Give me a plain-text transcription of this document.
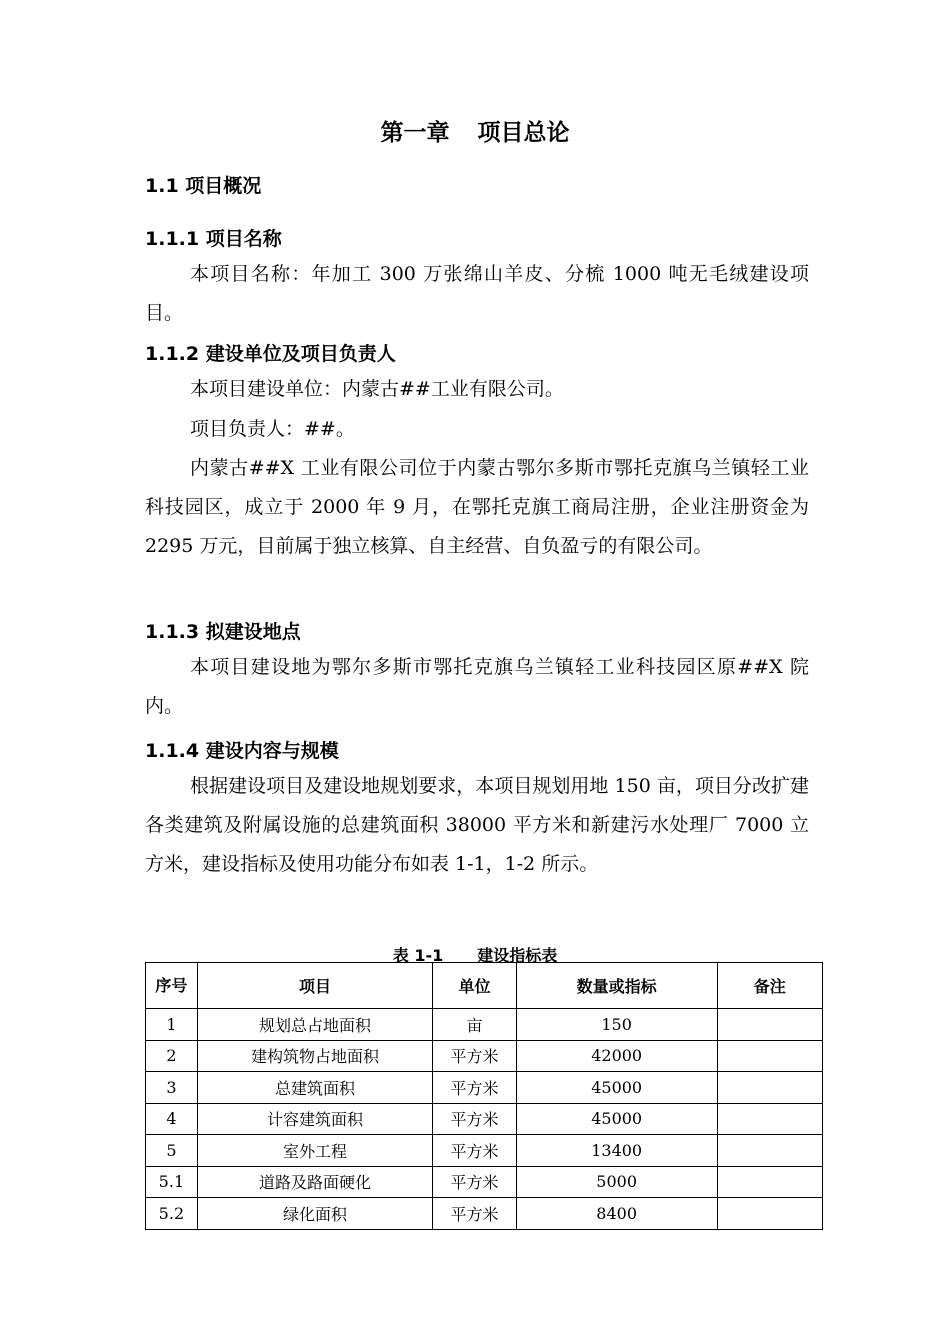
第一章 项目总论
1.1 项目概况
1.1.1 项目名称

本项目名称：年加工 300 万张绵山羊皮、分梳 1000 吨无毛绒建设项目。

1.1.2 建设单位及项目负责人

本项目建设单位：内蒙古##工业有限公司。

项目负责人：##。

内蒙古##X 工业有限公司位于内蒙古鄂尔多斯市鄂托克旗乌兰镇轻工业科技园区，成立于 2000 年 9 月，在鄂托克旗工商局注册，企业注册资金为 2295 万元，目前属于独立核算、自主经营、自负盈亏的有限公司。

1.1.3 拟建设地点

本项目建设地为鄂尔多斯市鄂托克旗乌兰镇轻工业科技园区原##X 院内。

1.1.4 建设内容与规模

根据建设项目及建设地规划要求，本项目规划用地 150 亩，项目分改扩建各类建筑及附属设施的总建筑面积 38000 平方米和新建污水处理厂 7000 立方米，建设指标及使用功能分布如表 1-1，1-2 所示。

表 1-1 建设指标表
序号	项目	单位	数量或指标	备注
1	规划总占地面积	亩	150	
2	建构筑物占地面积	平方米	42000	
3	总建筑面积	平方米	45000	
4	计容建筑面积	平方米	45000	
5	室外工程	平方米	13400	
5.1	道路及路面硬化	平方米	5000	
5.2	绿化面积	平方米	8400	
